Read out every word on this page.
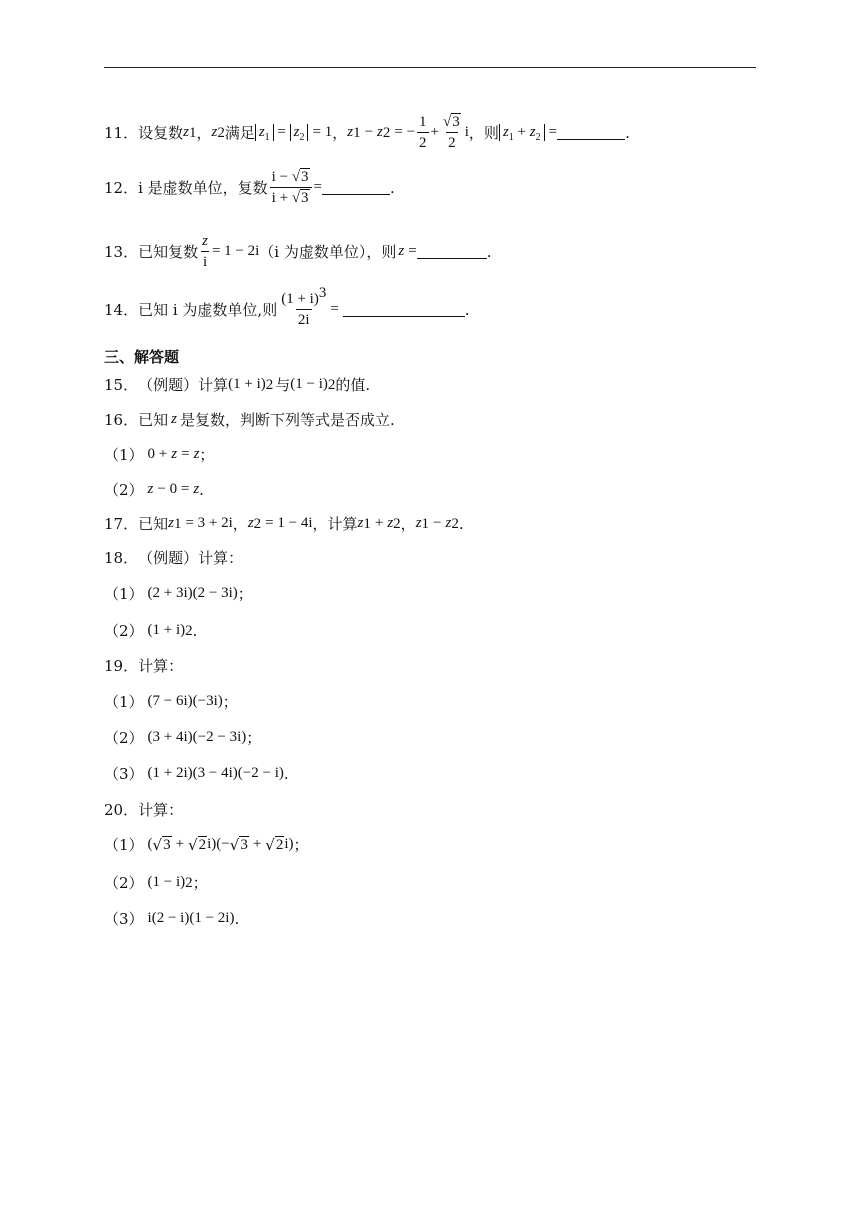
11． 设复数 z 1 ， z 2 满足 $z_1 = z_2 = 1$ ， z 1 − z 2 = − $\frac{1}{2} + \frac{√ 3}{2}$ i ，则 $z_1 + z_2$ =	.
12． i 是虚数单位，复数 $\frac{i - √ 3}{i + √ 3}$ =	.
13． 已知复数 $\frac{z}{i} = 1 - 2i$ （i 为虚数单位），则 z =	.
14． 已知 i 为虚数单位,则 $\frac{(1 + i)^3}{2i}$ =	.
三、解答题
15． （例题）计算 (1 + i) 2 与 (1 − i) 2 的值.
16． 已知 z 是复数，判断下列等式是否成立.
（1） 0 + z = z ；
（2） z − 0 = z .
17． 已知 z 1 = 3 + 2i ， z 2 = 1 − 4i ，计算 z 1 + z 2 ， z 1 − z 2 .
18． （例题）计算：
（1） (2 + 3i)(2 − 3i) ；
（2） (1 + i) 2 .
19． 计算：
（1） (7 − 6i)(−3i) ；
（2） (3 + 4i)(−2 − 3i) ；
（3） (1 + 2i)(3 − 4i)(−2 − i) .
20． 计算：
（1） ( √ 3 + √ 2 i)(− √ 3 + √ 2 i) ；
（2） (1 − i) 2 ；
（3） i(2 − i)(1 − 2i) .
